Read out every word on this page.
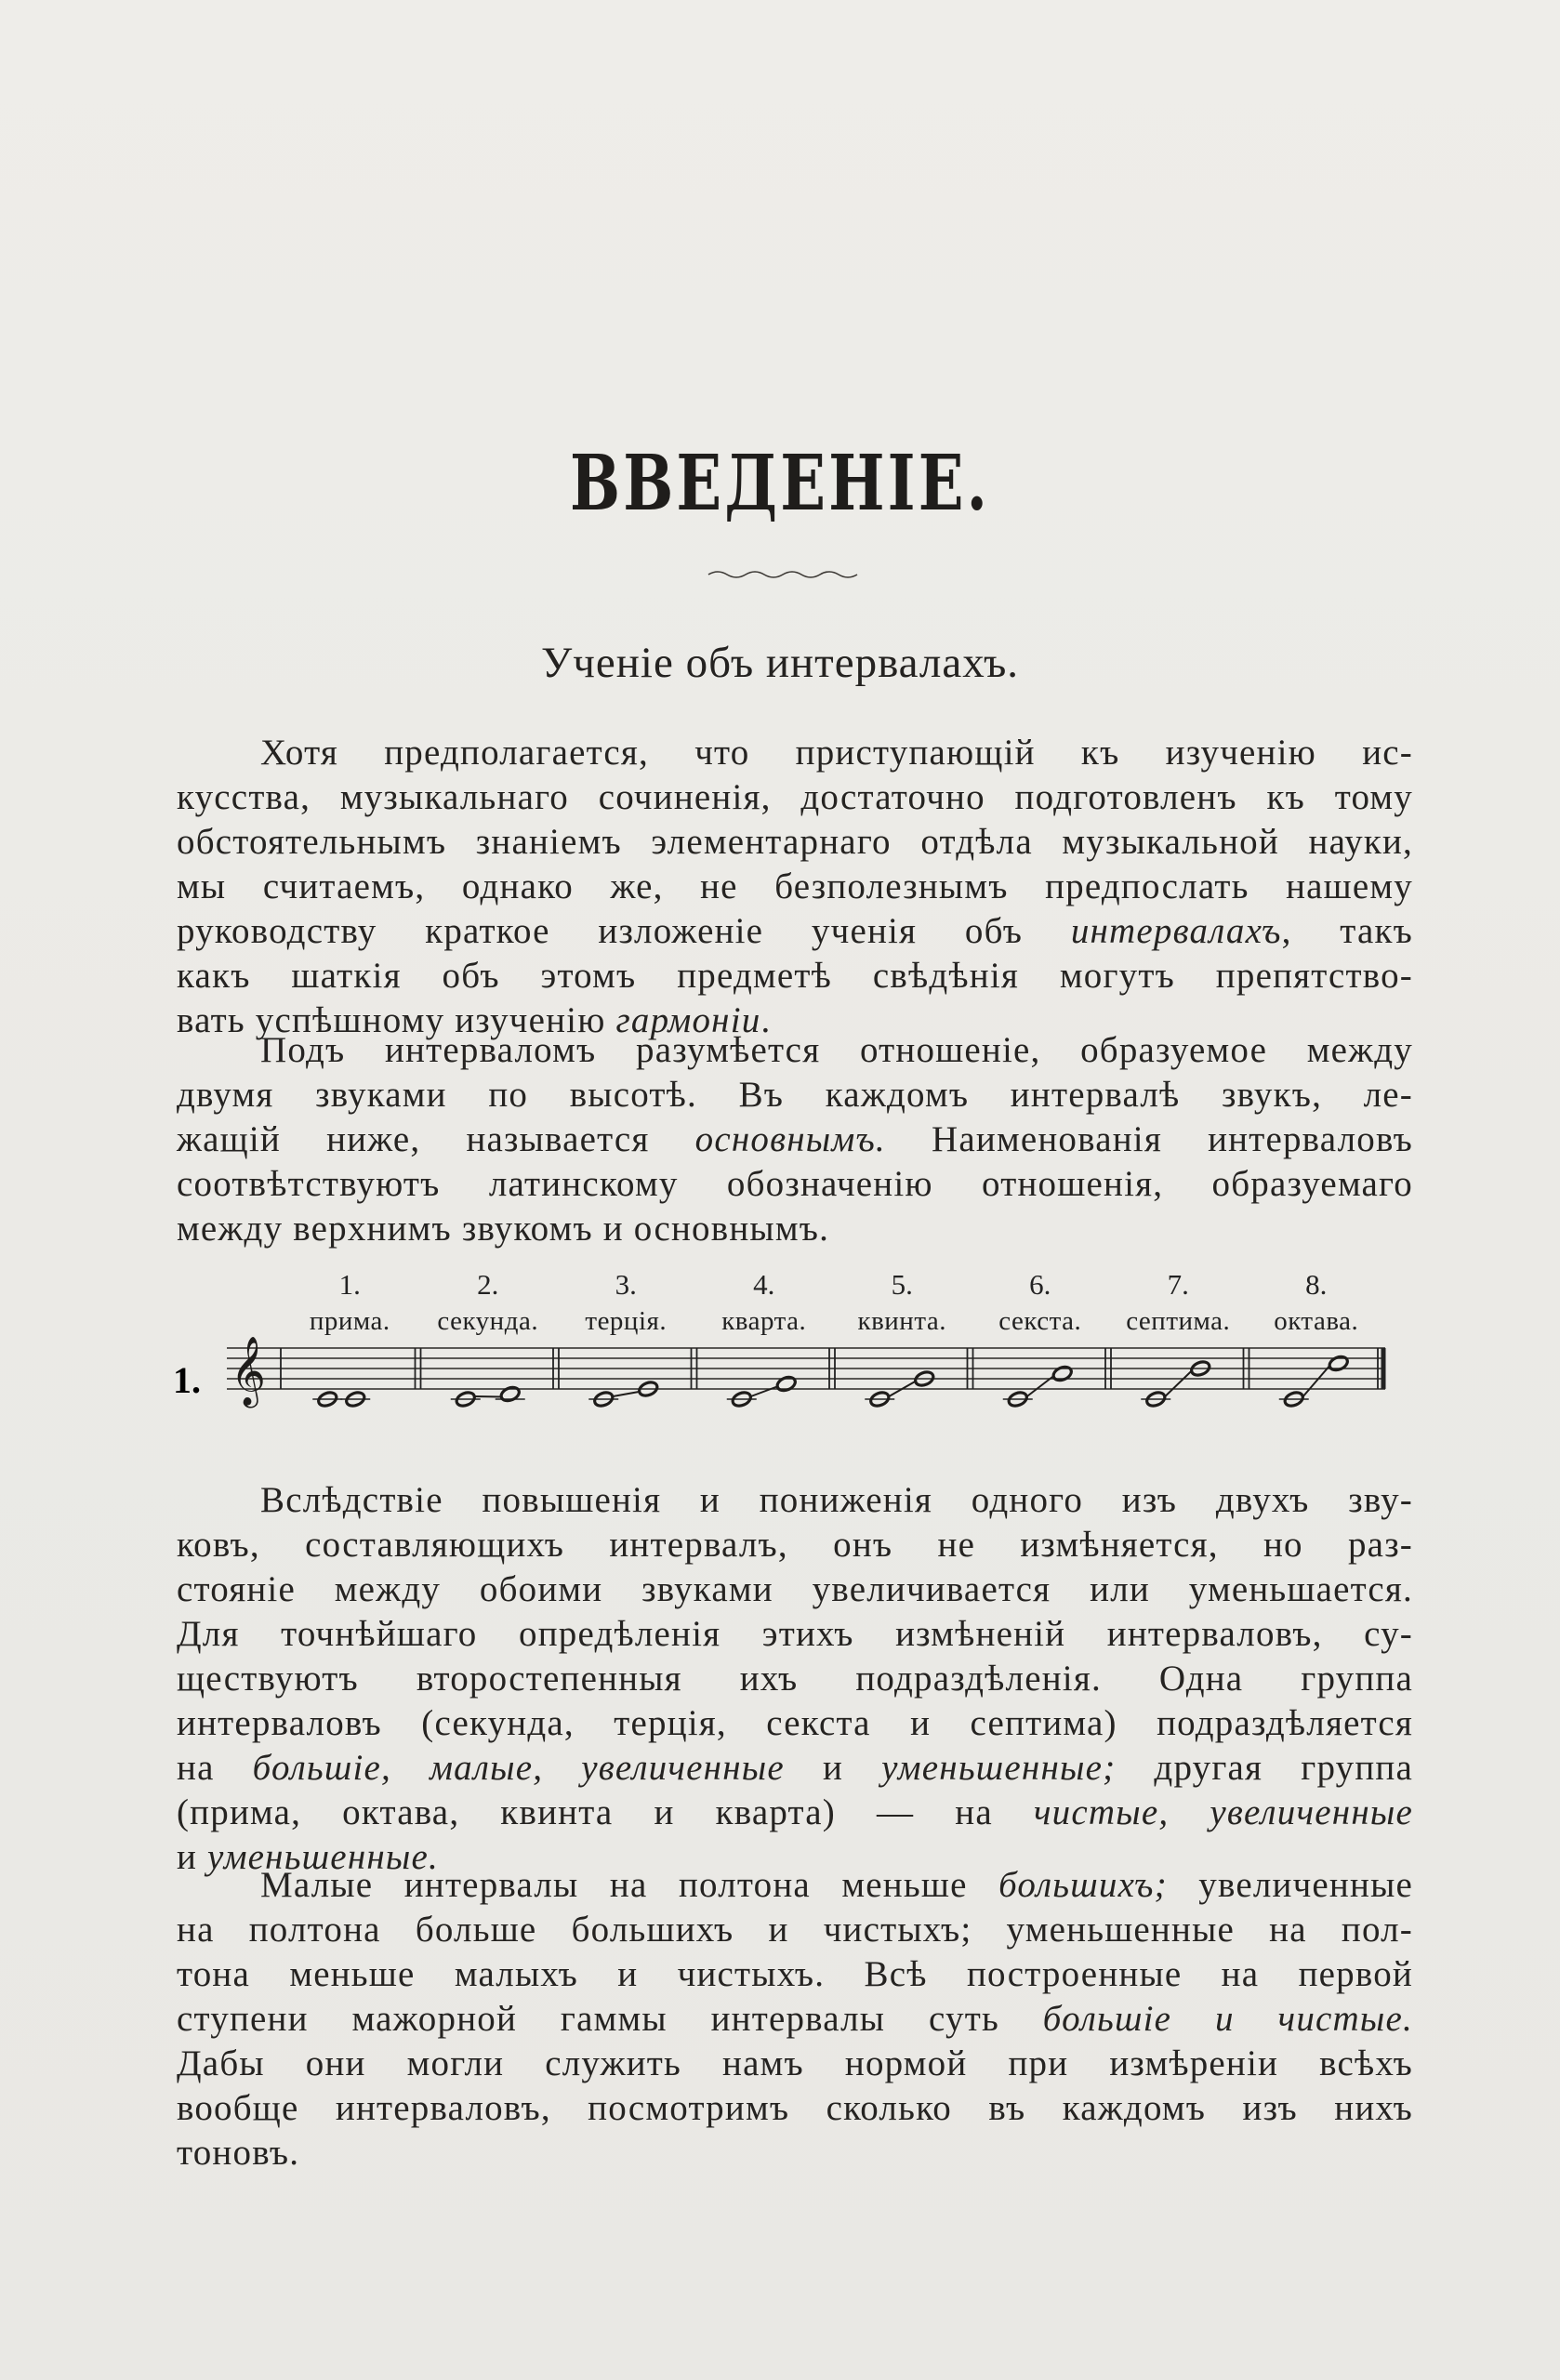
ВВЕДЕНІЕ.
Ученіе объ интервалахъ.
Хотя предполагается, что приступающій къ изученію ис-
кусства, музыкальнаго сочиненія, достаточно подготовленъ къ тому
обстоятельнымъ знаніемъ элементарнаго отдѣла музыкальной науки,
мы считаемъ, однако же, не безполезнымъ предпослать нашему
руководству краткое изложеніе ученія объ интервалахъ, такъ
какъ шаткія объ этомъ предметѣ свѣдѣнія могутъ препятство-
вать успѣшному изученію гармоніи.
Подъ интерваломъ разумѣется отношеніе, образуемое между
двумя звуками по высотѣ. Въ каждомъ интервалѣ звукъ, ле-
жащій ниже, называется основнымъ. Наименованія интерваловъ
соотвѣтствуютъ латинскому обозначенію отношенія, образуемаго
между верхнимъ звукомъ и основнымъ.
1.
1.	2.	3.	4.	5.	6.	7.	8.
прима. секунда. терція. кварта. квинта. секста. септима. октава.
𝄞
Вслѣдствіе повышенія и пониженія одного изъ двухъ зву-
ковъ, составляющихъ интервалъ, онъ не измѣняется, но раз-
стояніе между обоими звуками увеличивается или уменьшается.
Для точнѣйшаго опредѣленія этихъ измѣненій интерваловъ, су-
ществуютъ второстепенныя ихъ подраздѣленія. Одна группа
интерваловъ (секунда, терція, секста и септима) подраздѣляется
на большіе, малые, увеличенные и уменьшенные; другая группа
(прима, октава, квинта и кварта) — на чистые, увеличенные
и уменьшенные.
Малые интервалы на полтона меньше большихъ; увеличенные
на полтона больше большихъ и чистыхъ; уменьшенные на пол-
тона меньше малыхъ и чистыхъ. Всѣ построенные на первой
ступени мажорной гаммы интервалы суть большіе и чистые.
Дабы они могли служить намъ нормой при измѣреніи всѣхъ
вообще интерваловъ, посмотримъ сколько въ каждомъ изъ нихъ
тоновъ.
